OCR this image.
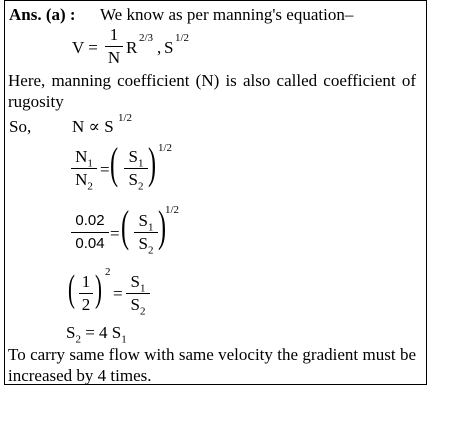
Ans. (a) : We know as per manning's equation–
V =
1
N
R 2/3 , S 1/2
Here, manning coefficient (N) is also called coefficient of rugosity
So, N ∝ S 1/2
$N_1$
$N_2$
= ( $S_1$
$S_2$ ) 1/2
0.02
0.04
= ( $S_1$
$S_2$ )
1/2
( 1
2 ) 2
=
$S_1$
$S_2$
$S_2 = 4$ $S_1$
To carry same flow with same velocity the gradient must be increased by 4 times.
